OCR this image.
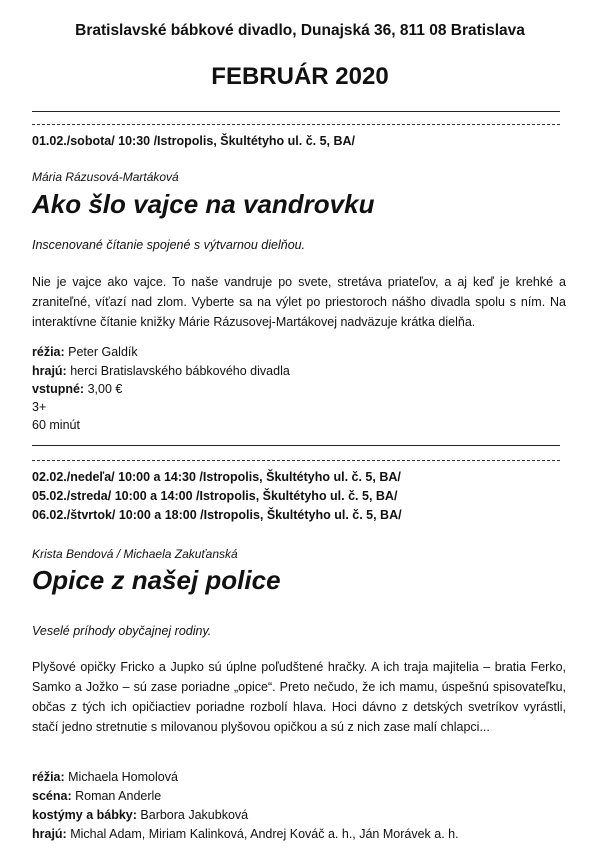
Bratislavské bábkové divadlo, Dunajská 36, 811 08 Bratislava
FEBRUÁR 2020
01.02./sobota/ 10:30 /Istropolis, Škultétyho ul. č. 5, BA/
Mária Rázusová-Martáková
Ako šlo vajce na vandrovku
Inscenované čítanie spojené s výtvarnou dielňou.

Nie je vajce ako vajce. To naše vandruje po svete, stretáva priateľov, a aj keď je krehké a zraniteľné, víťazí nad zlom. Vyberte sa na výlet po priestoroch nášho divadla spolu s ním. Na interaktívne čítanie knižky Márie Rázusovej-Martákovej nadväzuje krátka dielňa.

réžia: Peter Galdík
hrajú: herci Bratislavského bábkového divadla
vstupné: 3,00 €
3+
60 minút
02.02./nedeľa/ 10:00 a 14:30 /Istropolis, Škultétyho ul. č. 5, BA/
05.02./streda/ 10:00 a 14:00 /Istropolis, Škultétyho ul. č. 5, BA/
06.02./štvrtok/ 10:00 a 18:00 /Istropolis, Škultétyho ul. č. 5, BA/
Krista Bendová / Michaela Zakuťanská
Opice z našej police
Veselé príhody obyčajnej rodiny.

Plyšové opičky Fricko a Jupko sú úplne poľudštené hračky. A ich traja majitelia – bratia Ferko, Samko a Jožko – sú zase poriadne „opice“. Preto nečudo, že ich mamu, úspešnú spisovateľku, občas z tých ich opičiactiev poriadne rozbolí hlava. Hoci dávno z detských svetríkov vyrástli, stačí jedno stretnutie s milovanou plyšovou opičkou a sú z nich zase malí chlapci...

réžia: Michaela Homolová
scéna: Roman Anderle
kostýmy a bábky: Barbora Jakubková
hrajú: Michal Adam, Miriam Kalinková, Andrej Kováč a. h., Ján Morávek a. h.
